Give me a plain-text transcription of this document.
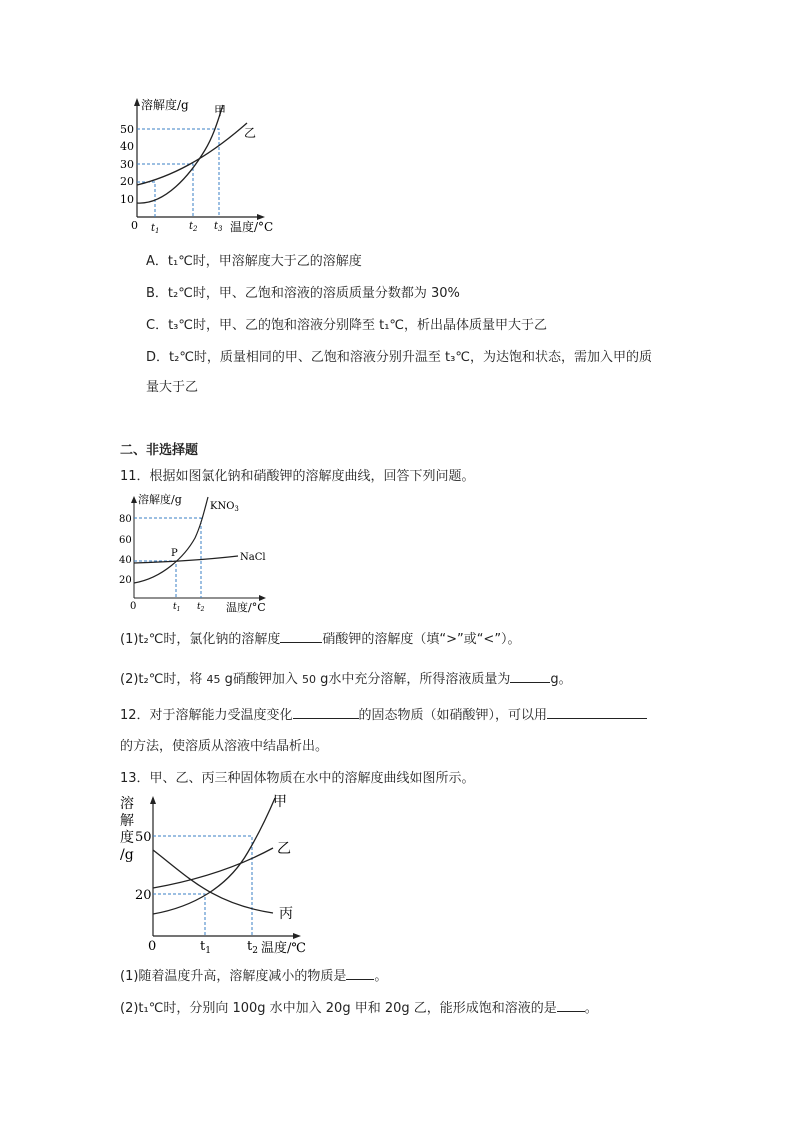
50
40
30
20
10
0 $t_1$	$t_2$ $t_3$ 温度/°C
溶解度/g 甲
乙
A．t₁℃时，甲溶解度大于乙的溶解度
B．t₂℃时，甲、乙饱和溶液的溶质质量分数都为 30%
C．t₃℃时，甲、乙的饱和溶液分别降至 t₁℃，析出晶体质量甲大于乙
D．t₂℃时，质量相同的甲、乙饱和溶液分别升温至 t₃℃，为达饱和状态，需加入甲的质
量大于乙
二、非选择题
11．根据如图氯化钠和硝酸钾的溶解度曲线，回答下列问题。
80
60
40
20
0	$t_1$ $t_2$ 温度/°C
溶解度/g
P
$KNO_3$
NaCl
(1)t₂℃时，氯化钠的溶解度	硝酸钾的溶解度（填“>”或“<”）。
(2)t₂℃时，将 45 g硝酸钾加入 50 g水中充分溶解，所得溶液质量为	g。
12．对于溶解能力受温度变化	的固态物质（如硝酸钾），可以用
的方法，使溶质从溶液中结晶析出。
13．甲、乙、丙三种固体物质在水中的溶解度曲线如图所示。
溶
解
度
/g
50
20
0	$t_1$	$t_2$ 温度/℃
甲
乙
丙
(1)随着温度升高，溶解度减小的物质是 。
(2)t₁℃时，分别向 100g 水中加入 20g 甲和 20g 乙，能形成饱和溶液的是 。
